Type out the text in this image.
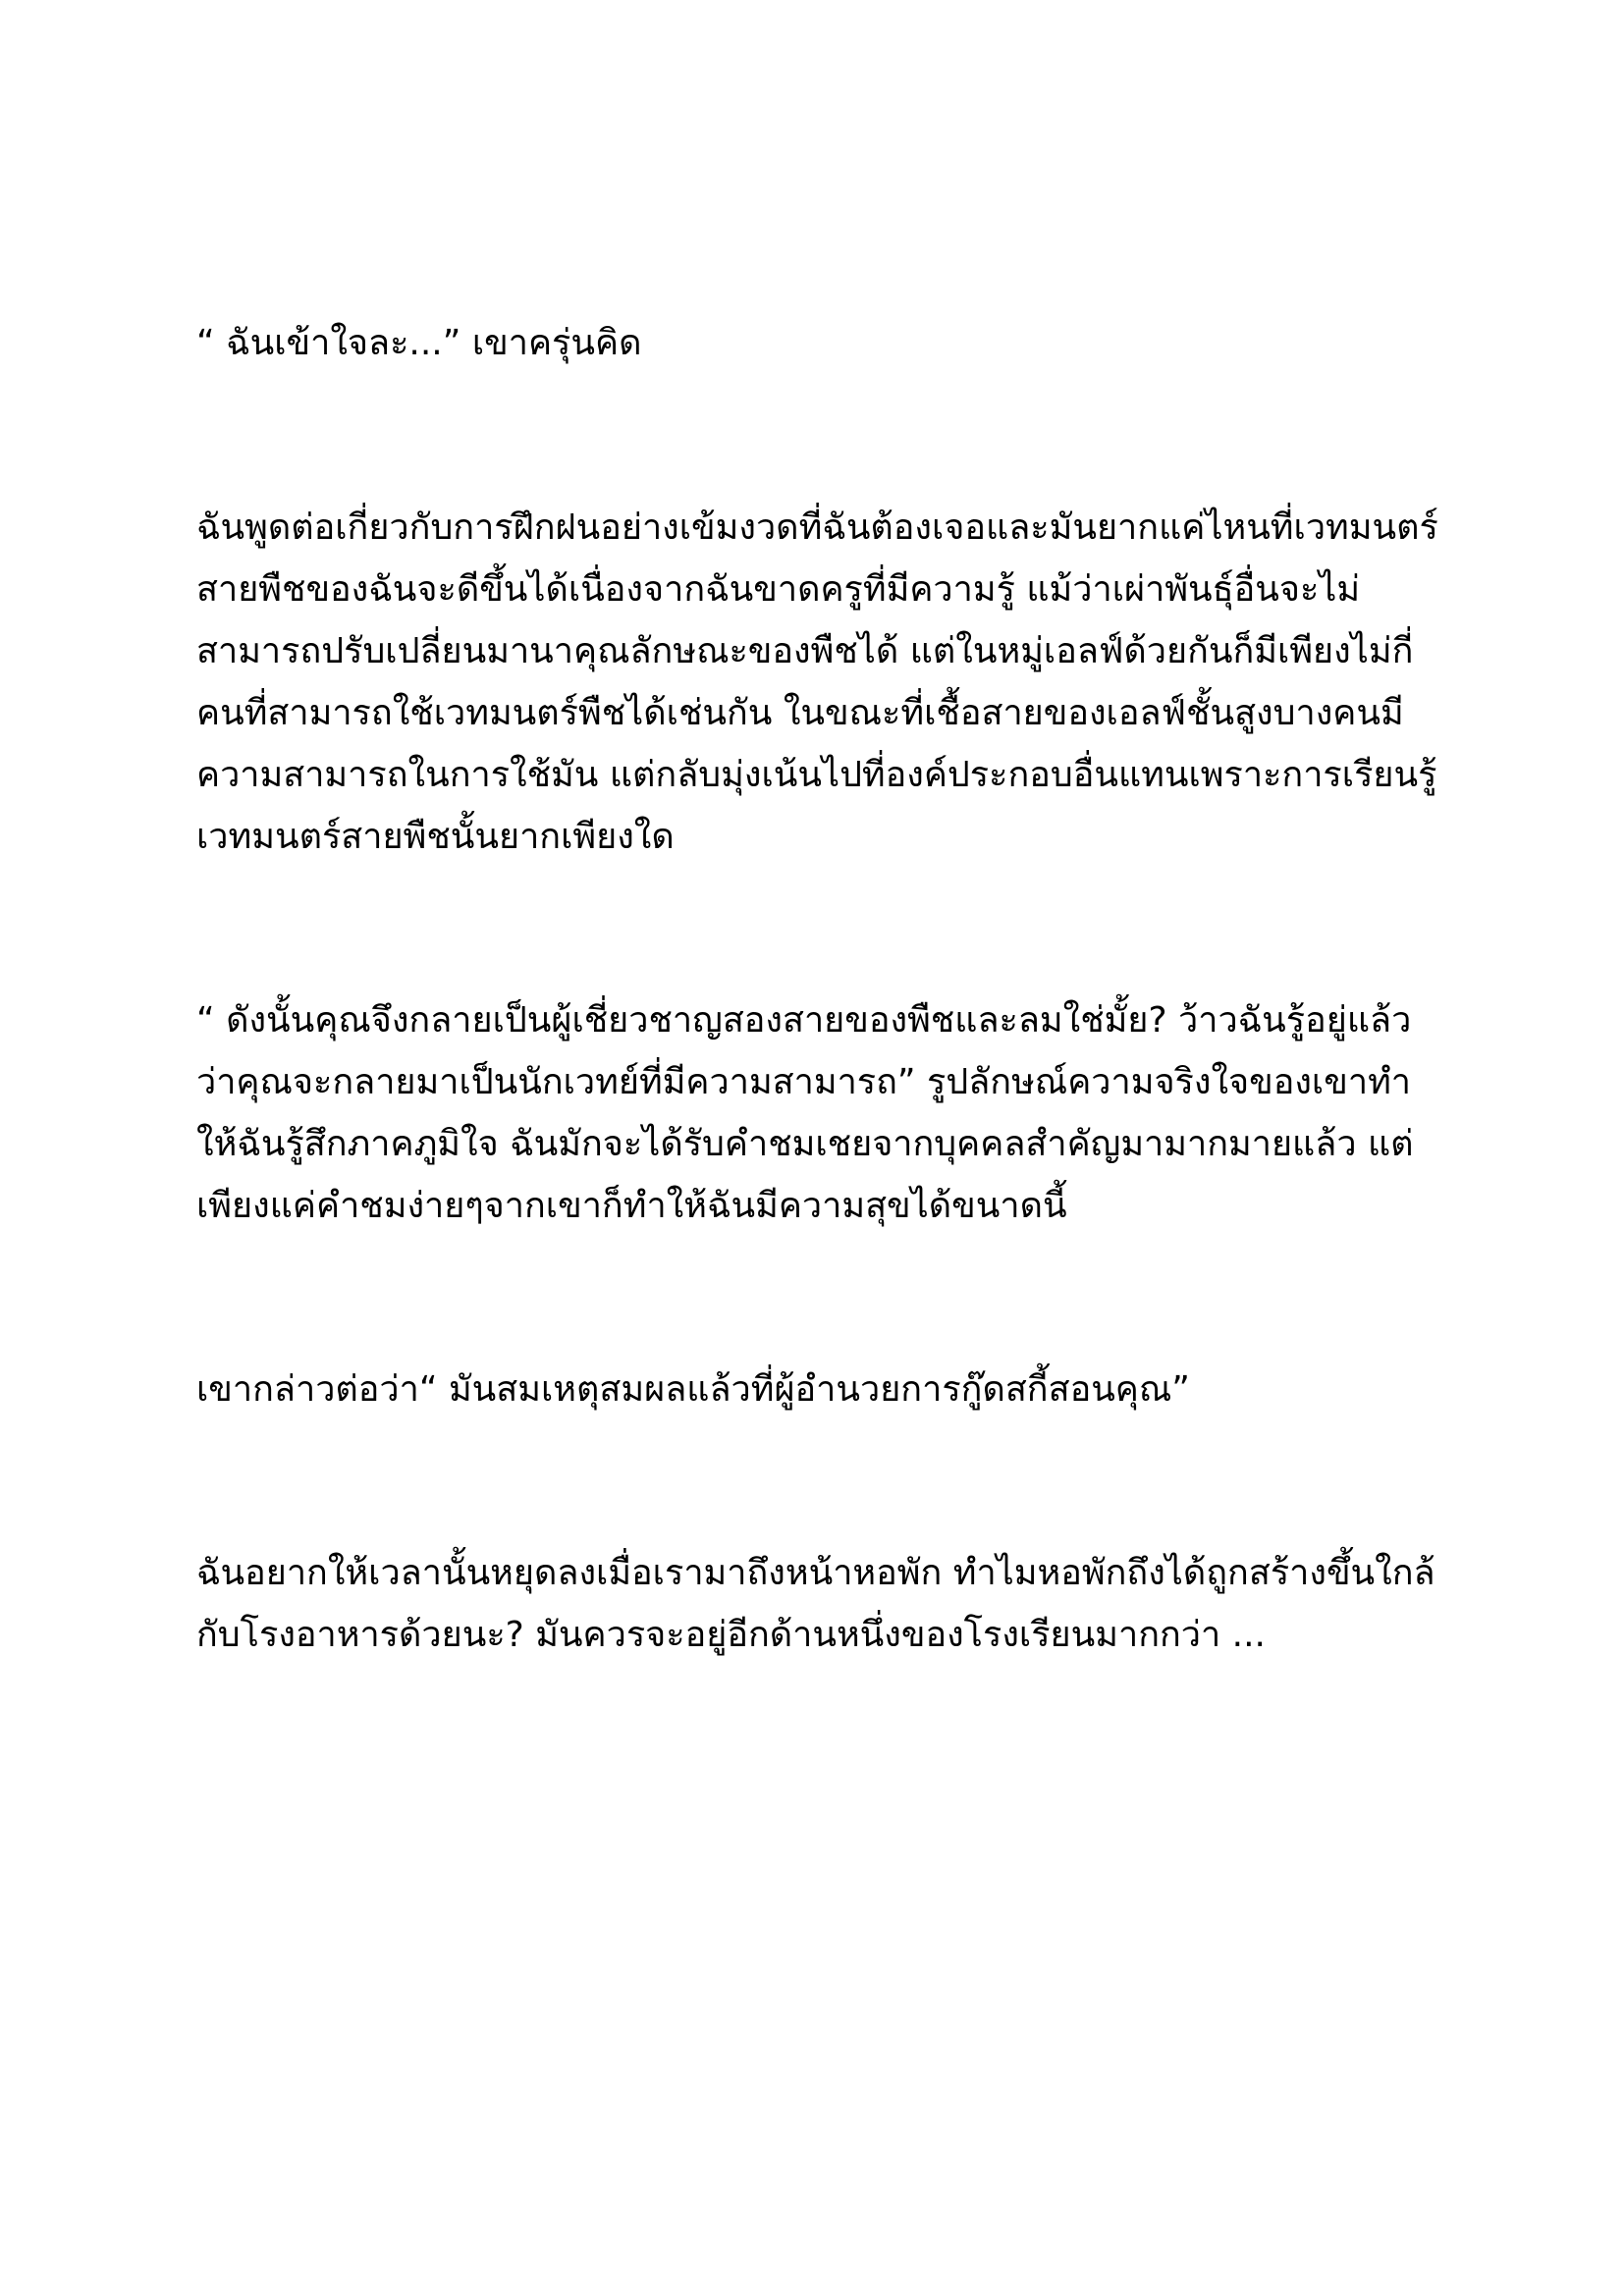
“ ฉันเข้าใจละ...” เขาครุ่นคิด

ฉันพูดต่อเกี่ยวกับการฝึกฝนอย่างเข้มงวดที่ฉันต้องเจอและมันยากแค่ไหนที่เวทมนตร์
สายพืชของฉันจะดีขึ้นได้เนื่องจากฉันขาดครูที่มีความรู้ แม้ว่าเผ่าพันธุ์อื่นจะไม่
สามารถปรับเปลี่ยนมานาคุณลักษณะของพืชได้ แต่ในหมู่เอลฟ์ด้วยกันก็มีเพียงไม่กี่
คนที่สามารถใช้เวทมนตร์พืชได้เช่นกัน ในขณะที่เชื้อสายของเอลฟ์ชั้นสูงบางคนมี
ความสามารถในการใช้มัน แต่กลับมุ่งเน้นไปที่องค์ประกอบอื่นแทนเพราะการเรียนรู้
เวทมนตร์สายพืชนั้นยากเพียงใด

“ ดังนั้นคุณจึงกลายเป็นผู้เชี่ยวชาญสองสายของพืชและลมใช่มั้ย? ว้าวฉันรู้อยู่แล้ว
ว่าคุณจะกลายมาเป็นนักเวทย์ที่มีความสามารถ” รูปลักษณ์ความจริงใจของเขาทำ
ให้ฉันรู้สึกภาคภูมิใจ ฉันมักจะได้รับคำชมเชยจากบุคคลสำคัญมามากมายแล้ว แต่
เพียงแค่คำชมง่ายๆจากเขาก็ทำให้ฉันมีความสุขได้ขนาดนี้

เขากล่าวต่อว่า“ มันสมเหตุสมผลแล้วที่ผู้อำนวยการกู๊ดสกี้สอนคุณ”

ฉันอยากให้เวลานั้นหยุดลงเมื่อเรามาถึงหน้าหอพัก ทำไมหอพักถึงได้ถูกสร้างขึ้นใกล้
กับโรงอาหารด้วยนะ? มันควรจะอยู่อีกด้านหนึ่งของโรงเรียนมากกว่า ...
